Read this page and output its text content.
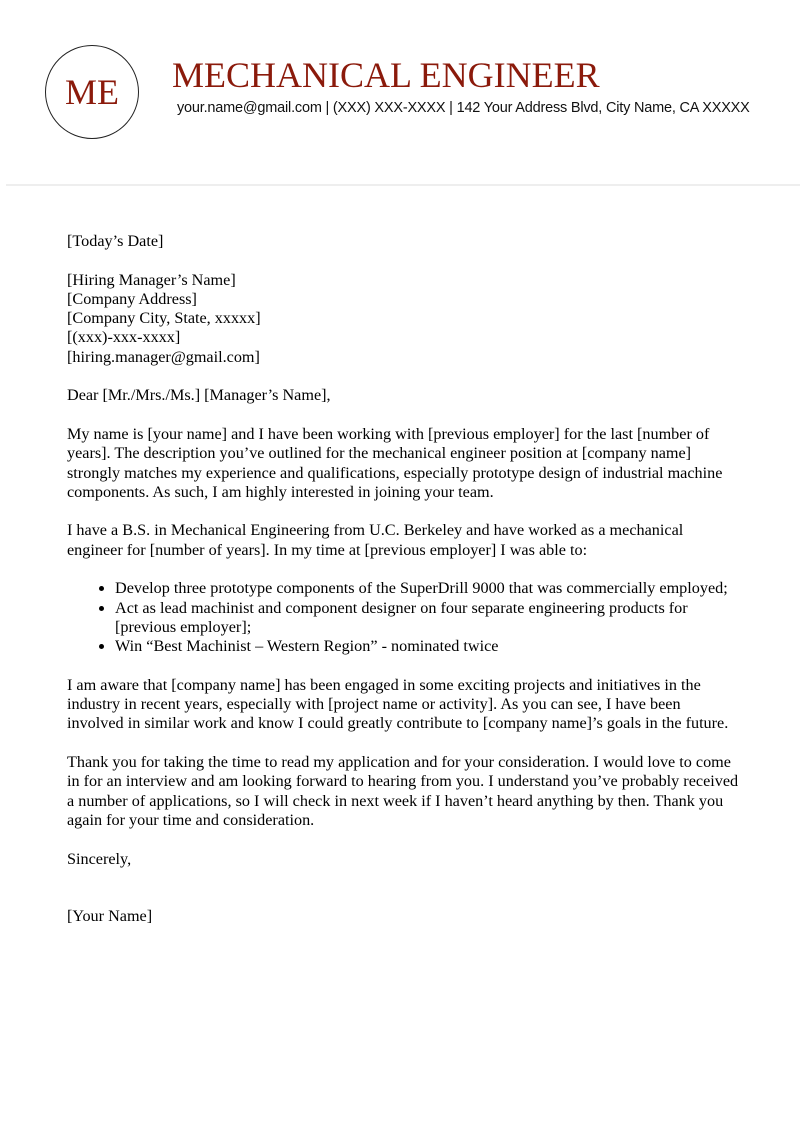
ME MECHANICAL ENGINEER
your.name@gmail.com | (XXX) XXX-XXXX | 142 Your Address Blvd, City Name, CA XXXXX
[Today’s Date]
[Hiring Manager’s Name]
[Company Address]
[Company City, State, xxxxx]
[(xxx)-xxx-xxxx]
[hiring.manager@gmail.com]
Dear [Mr./Mrs./Ms.] [Manager’s Name],
My name is [your name] and I have been working with [previous employer] for the last [number of years]. The description you’ve outlined for the mechanical engineer position at [company name] strongly matches my experience and qualifications, especially prototype design of industrial machine components. As such, I am highly interested in joining your team.
I have a B.S. in Mechanical Engineering from U.C. Berkeley and have worked as a mechanical engineer for [number of years]. In my time at [previous employer] I was able to:
• Develop three prototype components of the SuperDrill 9000 that was commercially employed;
• Act as lead machinist and component designer on four separate engineering products for [previous employer];
• Win “Best Machinist – Western Region” - nominated twice
I am aware that [company name] has been engaged in some exciting projects and initiatives in the industry in recent years, especially with [project name or activity]. As you can see, I have been involved in similar work and know I could greatly contribute to [company name]’s goals in the future.
Thank you for taking the time to read my application and for your consideration. I would love to come in for an interview and am looking forward to hearing from you. I understand you’ve probably received a number of applications, so I will check in next week if I haven’t heard anything by then. Thank you again for your time and consideration.
Sincerely,
[Your Name]
